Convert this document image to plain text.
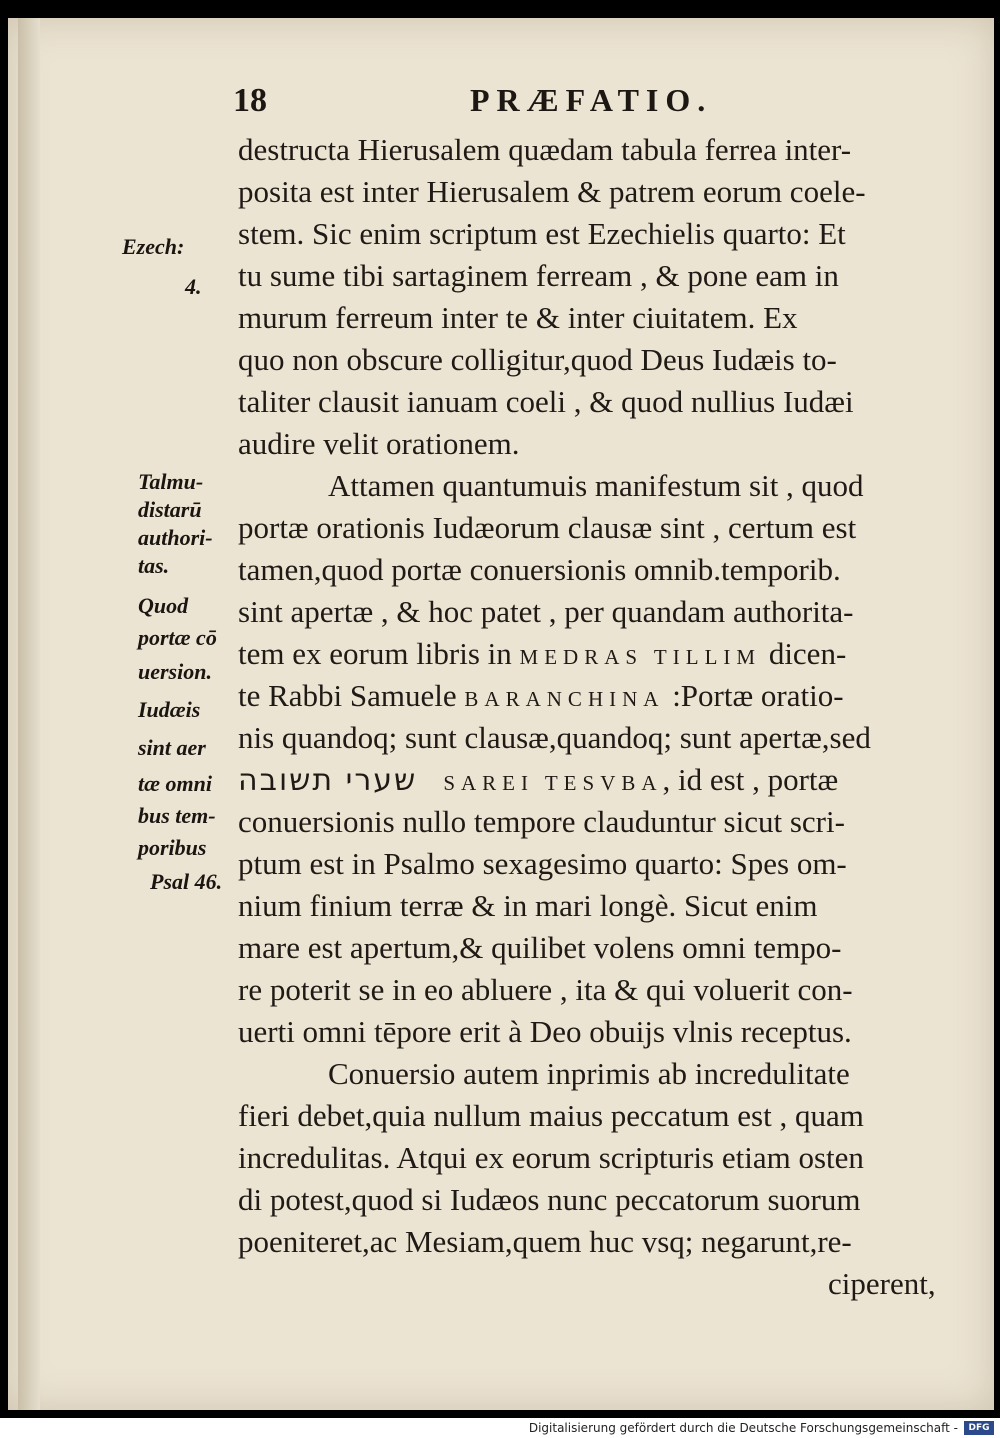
18	PRÆFATIO.
Ezech:
4.
Talmu-
distarū
authori-
tas.
Quod
portæ cō
uersion.
Iudæis
sint aer
tæ omni
bus tem-
poribus
Psal 46.
destructa Hierusalem quædam tabula ferrea inter-
posita est inter Hierusalem & patrem eorum coele-
stem. Sic enim scriptum est Ezechielis quarto: Et
tu sume tibi sartaginem ferream , & pone eam in
murum ferreum inter te & inter ciuitatem. Ex
quo non obscure colligitur,quod Deus Iudæis to-
taliter clausit ianuam coeli , & quod nullius Iudæi
audire velit orationem.
Attamen quantumuis manifestum sit , quod
portæ orationis Iudæorum clausæ sint , certum est
tamen,quod portæ conuersionis omnib.temporib.
sint apertæ , & hoc patet , per quandam authorita-
tem ex eorum libris in MEDRAS TILLIM dicen-
te Rabbi Samuele BARANCHINA :Portæ oratio-
nis quandoq; sunt clausæ,quandoq; sunt apertæ,sed
שערי תשובה SAREI TESVBA, id est , portæ
conuersionis nullo tempore clauduntur sicut scri-
ptum est in Psalmo sexagesimo quarto: Spes om-
nium finium terræ & in mari longè. Sicut enim
mare est apertum,& quilibet volens omni tempo-
re poterit se in eo abluere , ita & qui voluerit con-
uerti omni tēpore erit à Deo obuijs vlnis receptus.
Conuersio autem inprimis ab incredulitate
fieri debet,quia nullum maius peccatum est , quam
incredulitas. Atqui ex eorum scripturis etiam osten
di potest,quod si Iudæos nunc peccatorum suorum
poeniteret,ac Mesiam,quem huc vsq; negarunt,re-
ciperent,
Digitalisierung gefördert durch die Deutsche Forschungsgemeinschaft -	DFG
